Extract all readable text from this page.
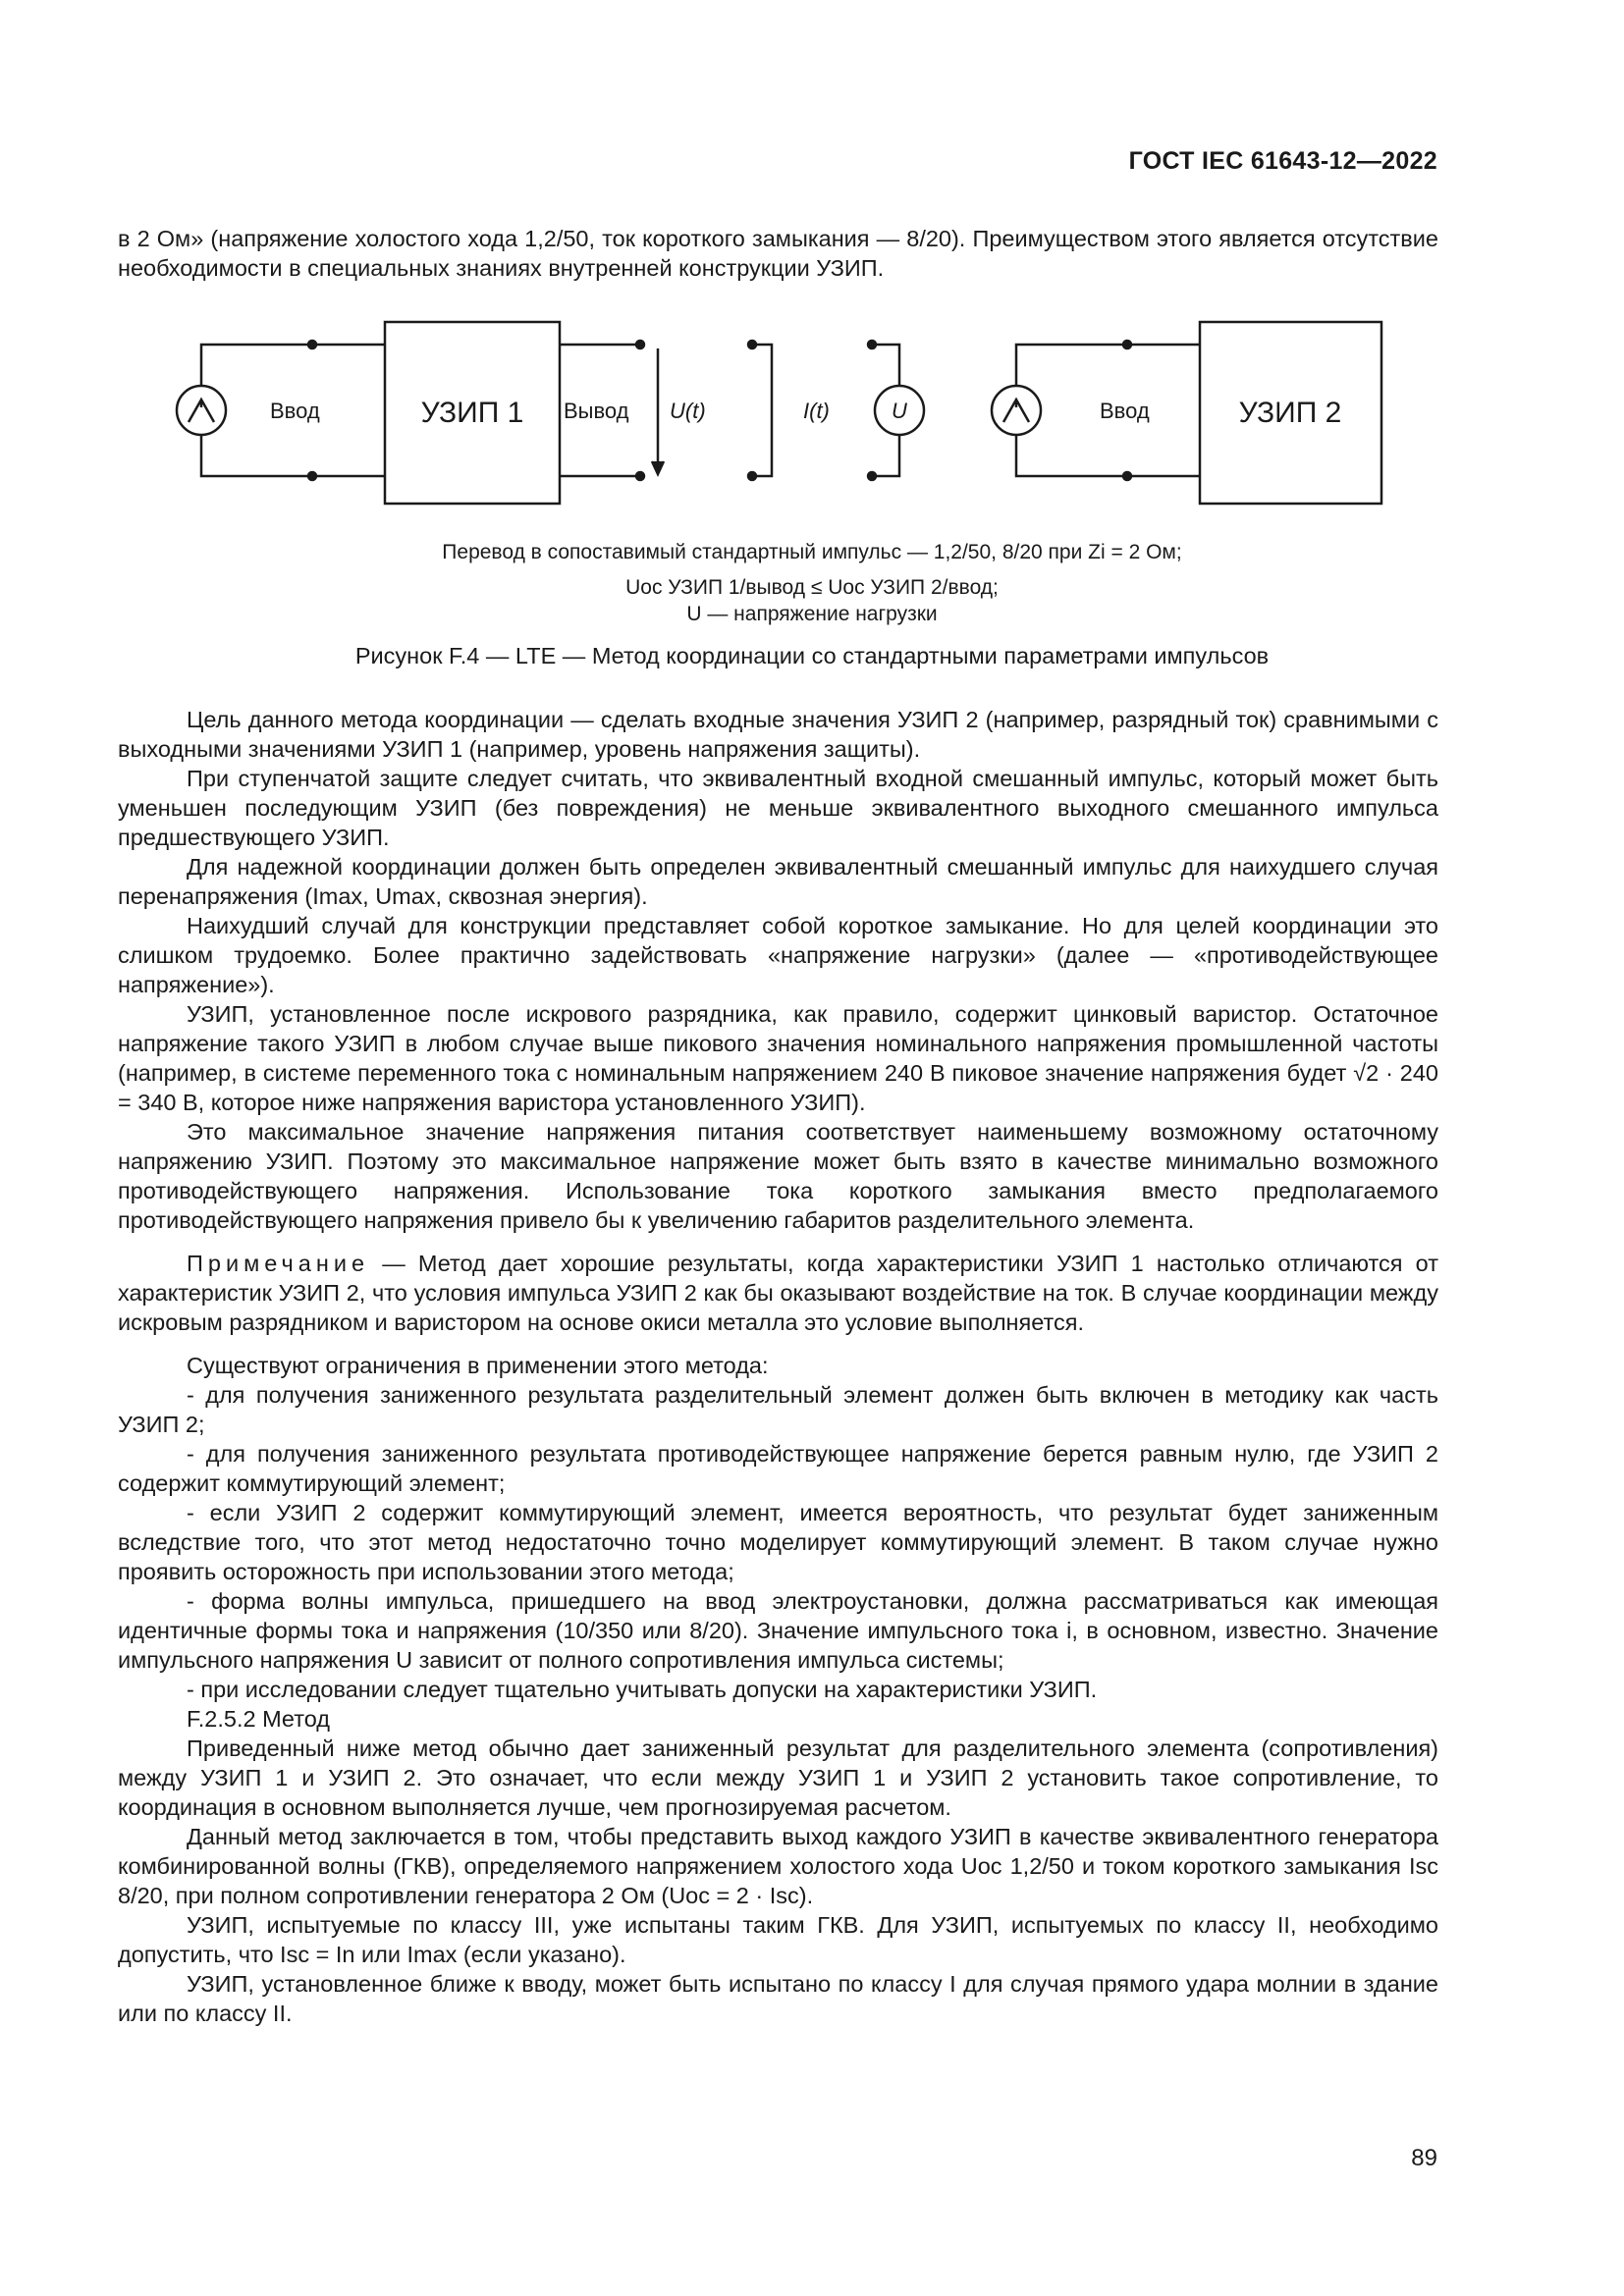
ГОСТ IEC 61643-12—2022

в 2 Ом» (напряжение холостого хода 1,2/50, ток короткого замыкания — 8/20). Преимуществом этого является отсутствие необходимости в специальных знаниях внутренней конструкции УЗИП.

Ввод	УЗИП 1 Вывод U(t)	I(t)	U	Ввод	УЗИП 2
Перевод в сопоставимый стандартный импульс — 1,2/50, 8/20 при Zi = 2 Ом;
Uoc УЗИП 1/вывод ≤ Uoc УЗИП 2/ввод;
U — напряжение нагрузки
Рисунок F.4 — LTE — Метод координации со стандартными параметрами импульсов

Цель данного метода координации — сделать входные значения УЗИП 2 (например, разрядный ток) сравнимыми с выходными значениями УЗИП 1 (например, уровень напряжения защиты).

При ступенчатой защите следует считать, что эквивалентный входной смешанный импульс, который может быть уменьшен последующим УЗИП (без повреждения) не меньше эквивалентного выходного смешанного импульса предшествующего УЗИП.

Для надежной координации должен быть определен эквивалентный смешанный импульс для наихудшего случая перенапряжения (Imax, Umax, сквозная энергия).

Наихудший случай для конструкции представляет собой короткое замыкание. Но для целей координации это слишком трудоемко. Более практично задействовать «напряжение нагрузки» (далее — «противодействующее напряжение»).

УЗИП, установленное после искрового разрядника, как правило, содержит цинковый варистор. Остаточное напряжение такого УЗИП в любом случае выше пикового значения номинального напряжения промышленной частоты (например, в системе переменного тока с номинальным напряжением 240 В пиковое значение напряжения будет √2 · 240 = 340 В, которое ниже напряжения варистора установленного УЗИП).

Это максимальное значение напряжения питания соответствует наименьшему возможному остаточному напряжению УЗИП. Поэтому это максимальное напряжение может быть взято в качестве минимально возможного противодействующего напряжения. Использование тока короткого замыкания вместо предполагаемого противодействующего напряжения привело бы к увеличению габаритов разделительного элемента.

Примечание — Метод дает хорошие результаты, когда характеристики УЗИП 1 настолько отличаются от характеристик УЗИП 2, что условия импульса УЗИП 2 как бы оказывают воздействие на ток. В случае координации между искровым разрядником и варистором на основе окиси металла это условие выполняется.

Существуют ограничения в применении этого метода:

- для получения заниженного результата разделительный элемент должен быть включен в методику как часть УЗИП 2;

- для получения заниженного результата противодействующее напряжение берется равным нулю, где УЗИП 2 содержит коммутирующий элемент;

- если УЗИП 2 содержит коммутирующий элемент, имеется вероятность, что результат будет заниженным вследствие того, что этот метод недостаточно точно моделирует коммутирующий элемент. В таком случае нужно проявить осторожность при использовании этого метода;

- форма волны импульса, пришедшего на ввод электроустановки, должна рассматриваться как имеющая идентичные формы тока и напряжения (10/350 или 8/20). Значение импульсного тока i, в основном, известно. Значение импульсного напряжения U зависит от полного сопротивления импульса системы;

- при исследовании следует тщательно учитывать допуски на характеристики УЗИП.

F.2.5.2 Метод

Приведенный ниже метод обычно дает заниженный результат для разделительного элемента (сопротивления) между УЗИП 1 и УЗИП 2. Это означает, что если между УЗИП 1 и УЗИП 2 установить такое сопротивление, то координация в основном выполняется лучше, чем прогнозируемая расчетом.

Данный метод заключается в том, чтобы представить выход каждого УЗИП в качестве эквивалентного генератора комбинированной волны (ГКВ), определяемого напряжением холостого хода Uoc 1,2/50 и током короткого замыкания Isc 8/20, при полном сопротивлении генератора 2 Ом (Uoc = 2 · Isc).

УЗИП, испытуемые по классу III, уже испытаны таким ГКВ. Для УЗИП, испытуемых по классу II, необходимо допустить, что Isc = In или Imax (если указано).

УЗИП, установленное ближе к вводу, может быть испытано по классу I для случая прямого удара молнии в здание или по классу II.

89
